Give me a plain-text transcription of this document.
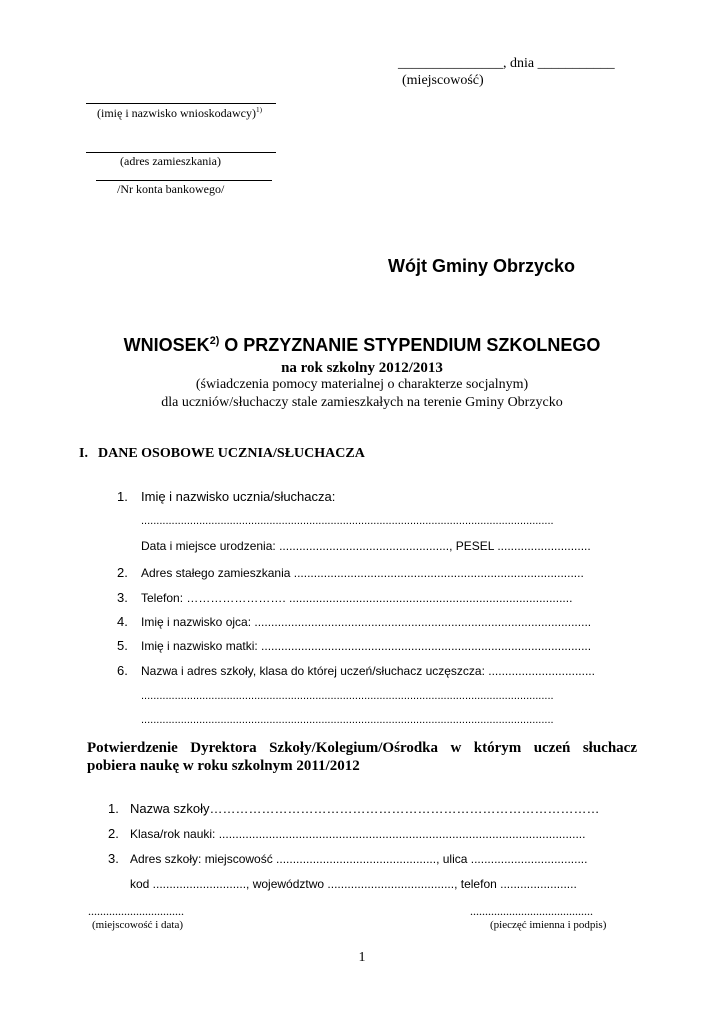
_______________, dnia ___________
(miejscowość)
(imię i nazwisko wnioskodawcy)$^{1)}$
(adres zamieszkania)
/Nr konta bankowego/
Wójt Gminy Obrzycko
WNIOSEK$^{2)}$ O PRZYZNANIE STYPENDIUM SZKOLNEGO
na rok szkolny 2012/2013
(świadczenia pomocy materialnej o charakterze socjalnym)
dla uczniów/słuchaczy stale zamieszkałych na terenie Gminy Obrzycko
I. DANE OSOBOWE UCZNIA/SŁUCHACZA
1. Imię i nazwisko ucznia/słuchacza:
.......................................................................................................................................
Data i miejsce urodzenia: ..................................................., PESEL ............................
2. Adres stałego zamieszkania .......................................................................................
3. Telefon: ……………………. .....................................................................................
4. Imię i nazwisko ojca: .....................................................................................................
5. Imię i nazwisko matki: ...................................................................................................
6. Nazwa i adres szkoły, klasa do której uczeń/słuchacz uczęszcza: ................................
.......................................................................................................................................
.......................................................................................................................................
Potwierdzenie Dyrektora Szkoły/Kolegium/Ośrodka w którym uczeń słuchacz
pobiera naukę w roku szkolnym 2011/2012
1. Nazwa szkoły………………………………………………………………………………
2. Klasa/rok nauki: ..............................................................................................................
3. Adres szkoły: miejscowość ................................................, ulica ...................................
kod ............................, województwo ......................................, telefon .......................
................................
(miejscowość i data)
.........................................
(pieczęć imienna i podpis)
1
